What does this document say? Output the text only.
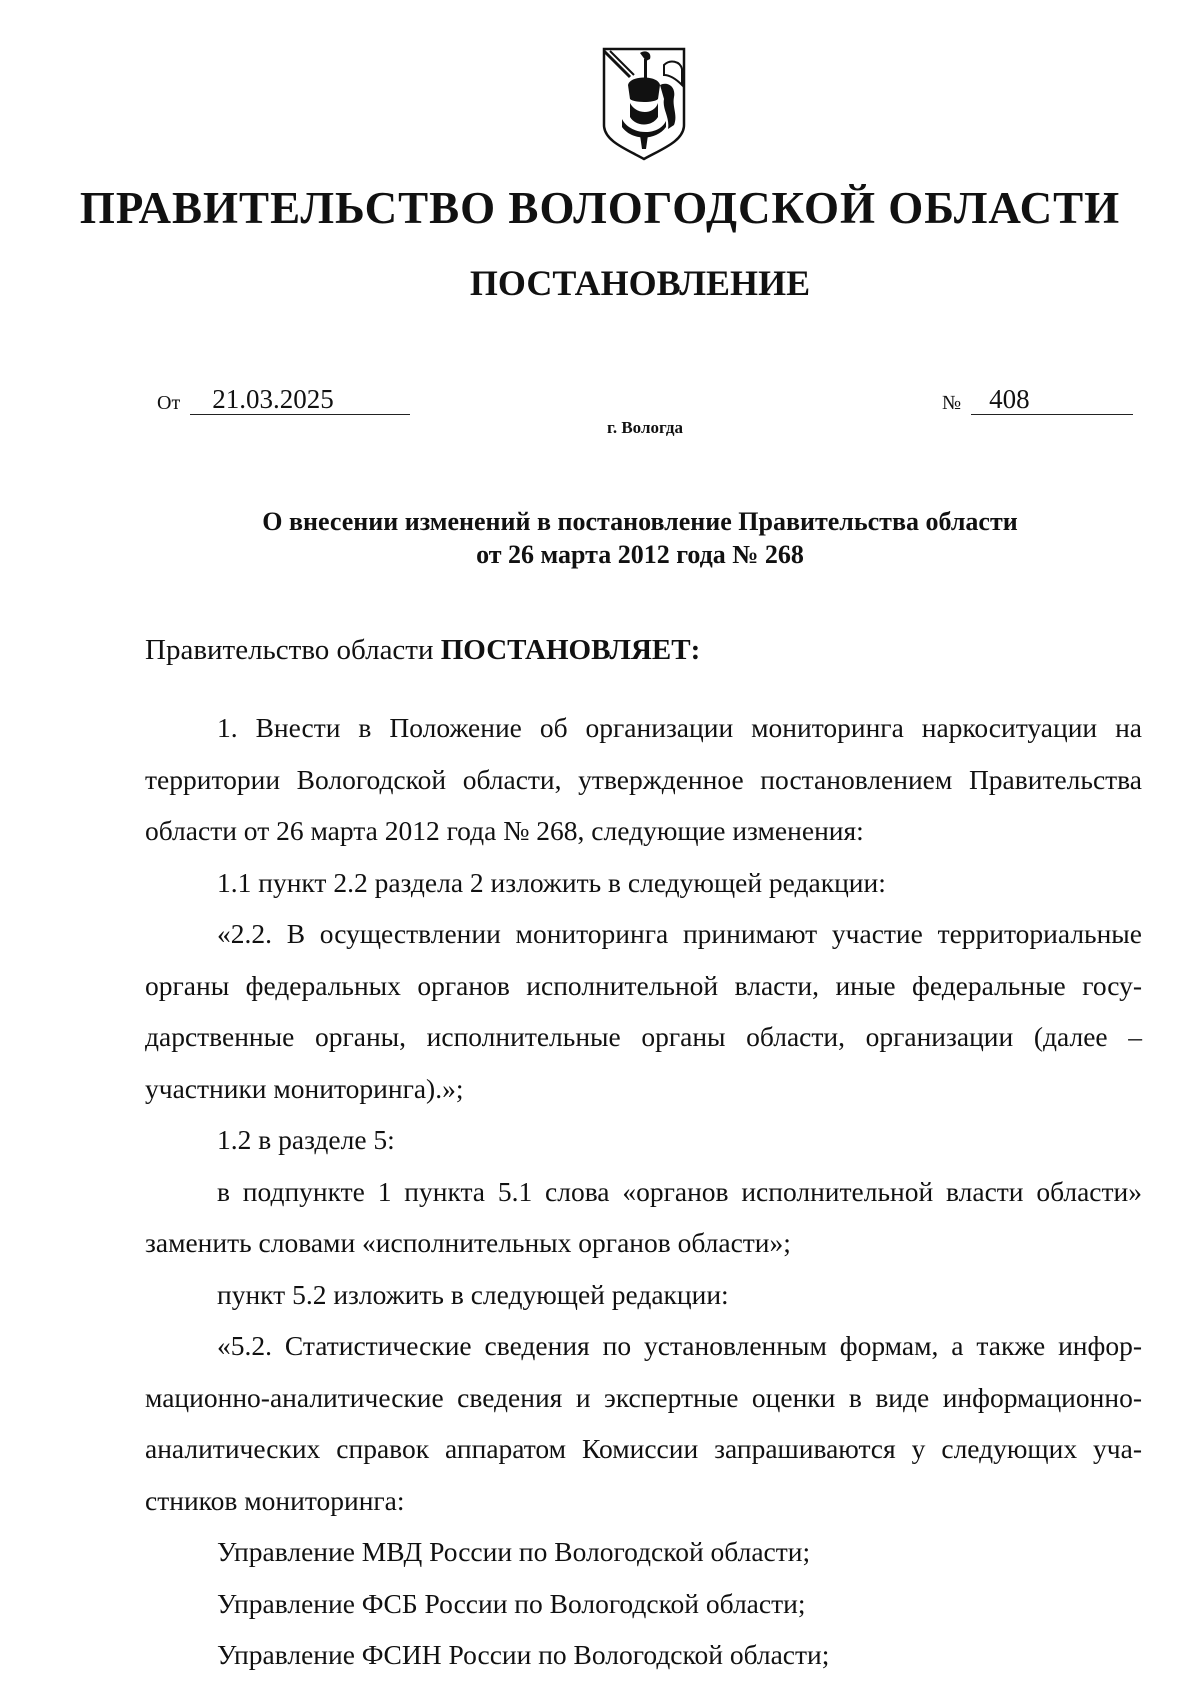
ПРАВИТЕЛЬСТВО ВОЛОГОДСКОЙ ОБЛАСТИ
ПОСТАНОВЛЕНИЕ
От 21.03.2025	№ 408
г. Вологда
О внесении изменений в постановление Правительства области
от 26 марта 2012 года № 268
Правительство области ПОСТАНОВЛЯЕТ:

1. Внести в Положение об организации мониторинга наркоситуации на
территории Вологодской области, утвержденное постановлением Правительства
области от 26 марта 2012 года № 268, следующие изменения:

1.1 пункт 2.2 раздела 2 изложить в следующей редакции:

«2.2. В осуществлении мониторинга принимают участие территориальные
органы федеральных органов исполнительной власти, иные федеральные госу-
дарственные органы, исполнительные органы области, организации (далее –
участники мониторинга).»;

1.2 в разделе 5:

в подпункте 1 пункта 5.1 слова «органов исполнительной власти области»
заменить словами «исполнительных органов области»;

пункт 5.2 изложить в следующей редакции:

«5.2. Статистические сведения по установленным формам, а также инфор-
мационно-аналитические сведения и экспертные оценки в виде информационно-
аналитических справок аппаратом Комиссии запрашиваются у следующих уча-
стников мониторинга:

Управление МВД России по Вологодской области;

Управление ФСБ России по Вологодской области;

Управление ФСИН России по Вологодской области;
